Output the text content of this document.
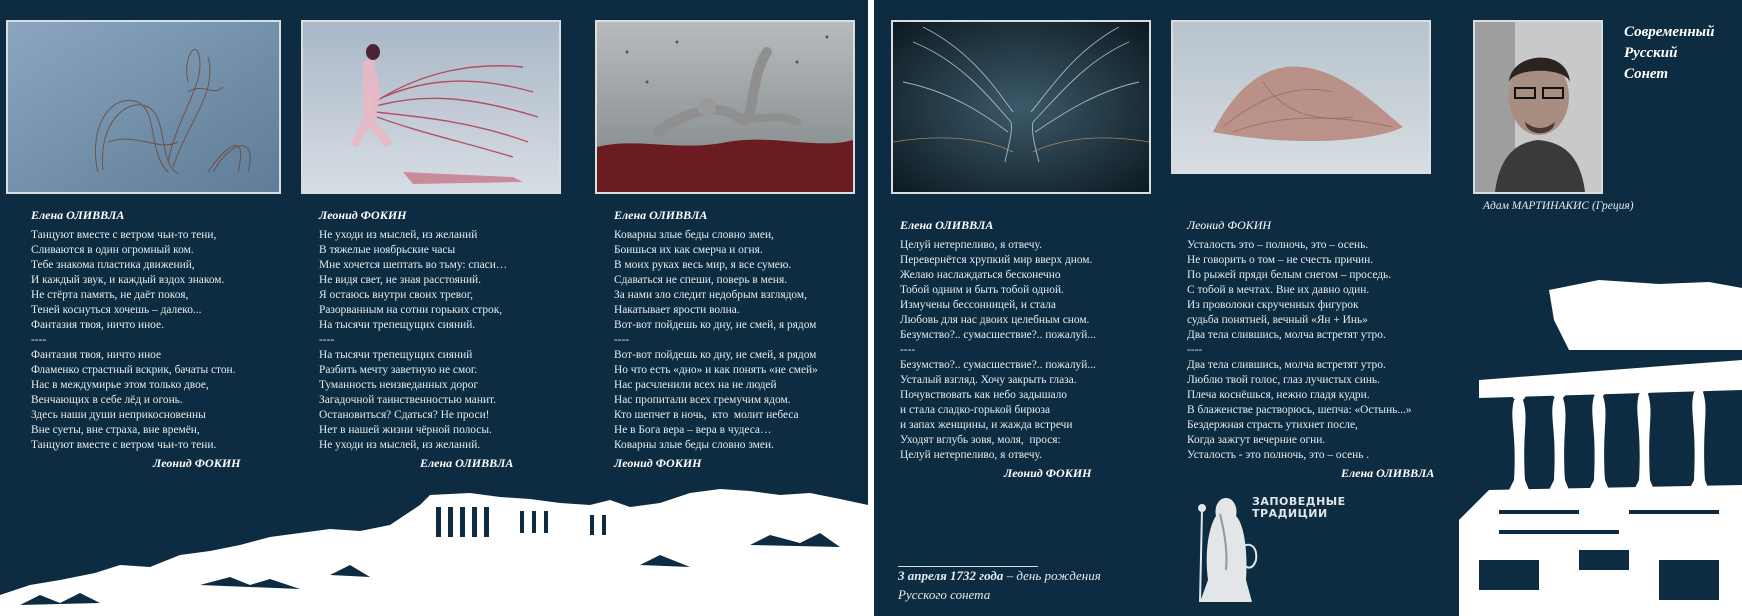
Елена ОЛИВВЛА
Танцуют вместе с ветром чьи-то тени,
Сливаются в один огромный ком.
Тебе знакома пластика движений,
И каждый звук, и каждый вздох знаком.
Не стёрта память, не даёт покоя,
Теней коснуться хочешь – далеко...
Фантазия твоя, ничто иное.
----
Фантазия твоя, ничто иное
Фламенко страстный вскрик, бачаты стон.
Нас в междумирье этом только двое,
Венчающих в себе лёд и огонь.
Здесь наши души неприкосновенны
Вне суеты, вне страха, вне времён,
Танцуют вместе с ветром чьи-то тени.
Леонид ФОКИН
Леонид ФОКИН
Не уходи из мыслей, из желаний
В тяжелые ноябрьские часы
Мне хочется шептать во тьму: спаси…
Не видя свет, не зная расстояний.
Я остаюсь внутри своих тревог,
Разорванным на сотни горьких строк,
На тысячи трепещущих сияний.
----
На тысячи трепещущих сияний
Разбить мечту заветную не смог.
Туманность неизведанных дорог
Загадочной таинственностью манит.
Остановиться? Сдаться? Не проси!
Нет в нашей жизни чёрной полосы.
Не уходи из мыслей, из желаний.
Елена ОЛИВВЛА
Елена ОЛИВВЛА
Коварны злые беды словно змеи,
Боишься их как смерча и огня.
В моих руках весь мир, я все сумею.
Сдаваться не спеши, поверь в меня.
За нами зло следит недобрым взглядом,
Накатывает ярости волна.
Вот-вот пойдешь ко дну, не смей, я рядом
----
Вот-вот пойдешь ко дну, не смей, я рядом
Но что есть «дно» и как понять «не смей»
Нас расчленили всех на не людей
Нас пропитали всех гремучим ядом.
Кто шепчет в ночь,  кто  молит небеса
Не в Бога вера – вера в чудеса…
Коварны злые беды словно змеи.
Леонид ФОКИН
Современный
Русский
Сонет
Адам МАРТИНАКИС (Греция)
Елена ОЛИВВЛА
Целуй нетерпеливо, я отвечу.
Перевернётся хрупкий мир вверх дном.
Желаю наслаждаться бесконечно
Тобой одним и быть тобой одной.
Измучены бессонницей, и стала
Любовь для нас двоих целебным сном.
Безумство?.. сумасшествие?.. пожалуй...
----
Безумство?.. сумасшествие?.. пожалуй...
Усталый взгляд. Хочу закрыть глаза.
Почувствовать как небо задышало
и стала сладко-горькой бирюза
и запах женщины, и жажда встречи
Уходят вглубь зовя, моля,  прося:
Целуй нетерпеливо, я отвечу.
Леонид ФОКИН
Леонид ФОКИН
Усталость это – полночь, это – осень.
Не говорить о том – не счесть причин.
По рыжей пряди белым снегом – проседь.
С тобой в мечтах. Вне их давно один.
Из проволоки скрученных фигурок
судьба понятней, вечный «Ян + Инь»
Два тела слившись, молча встретят утро.
----
Два тела слившись, молча встретят утро.
Люблю твой голос, глаз лучистых синь.
Плеча коснёшься, нежно гладя кудри.
В блаженстве растворюсь, шепча: «Остынь...»
Бездержная страсть утихнет после,
Когда зажгут вечерние огни.
Усталость - это полночь, это – осень .
Елена ОЛИВВЛА
3 апреля 1732 года – день рождения
Русского сонета
ЗАПОВЕДНЫЕ
ТРАДИЦИИ
